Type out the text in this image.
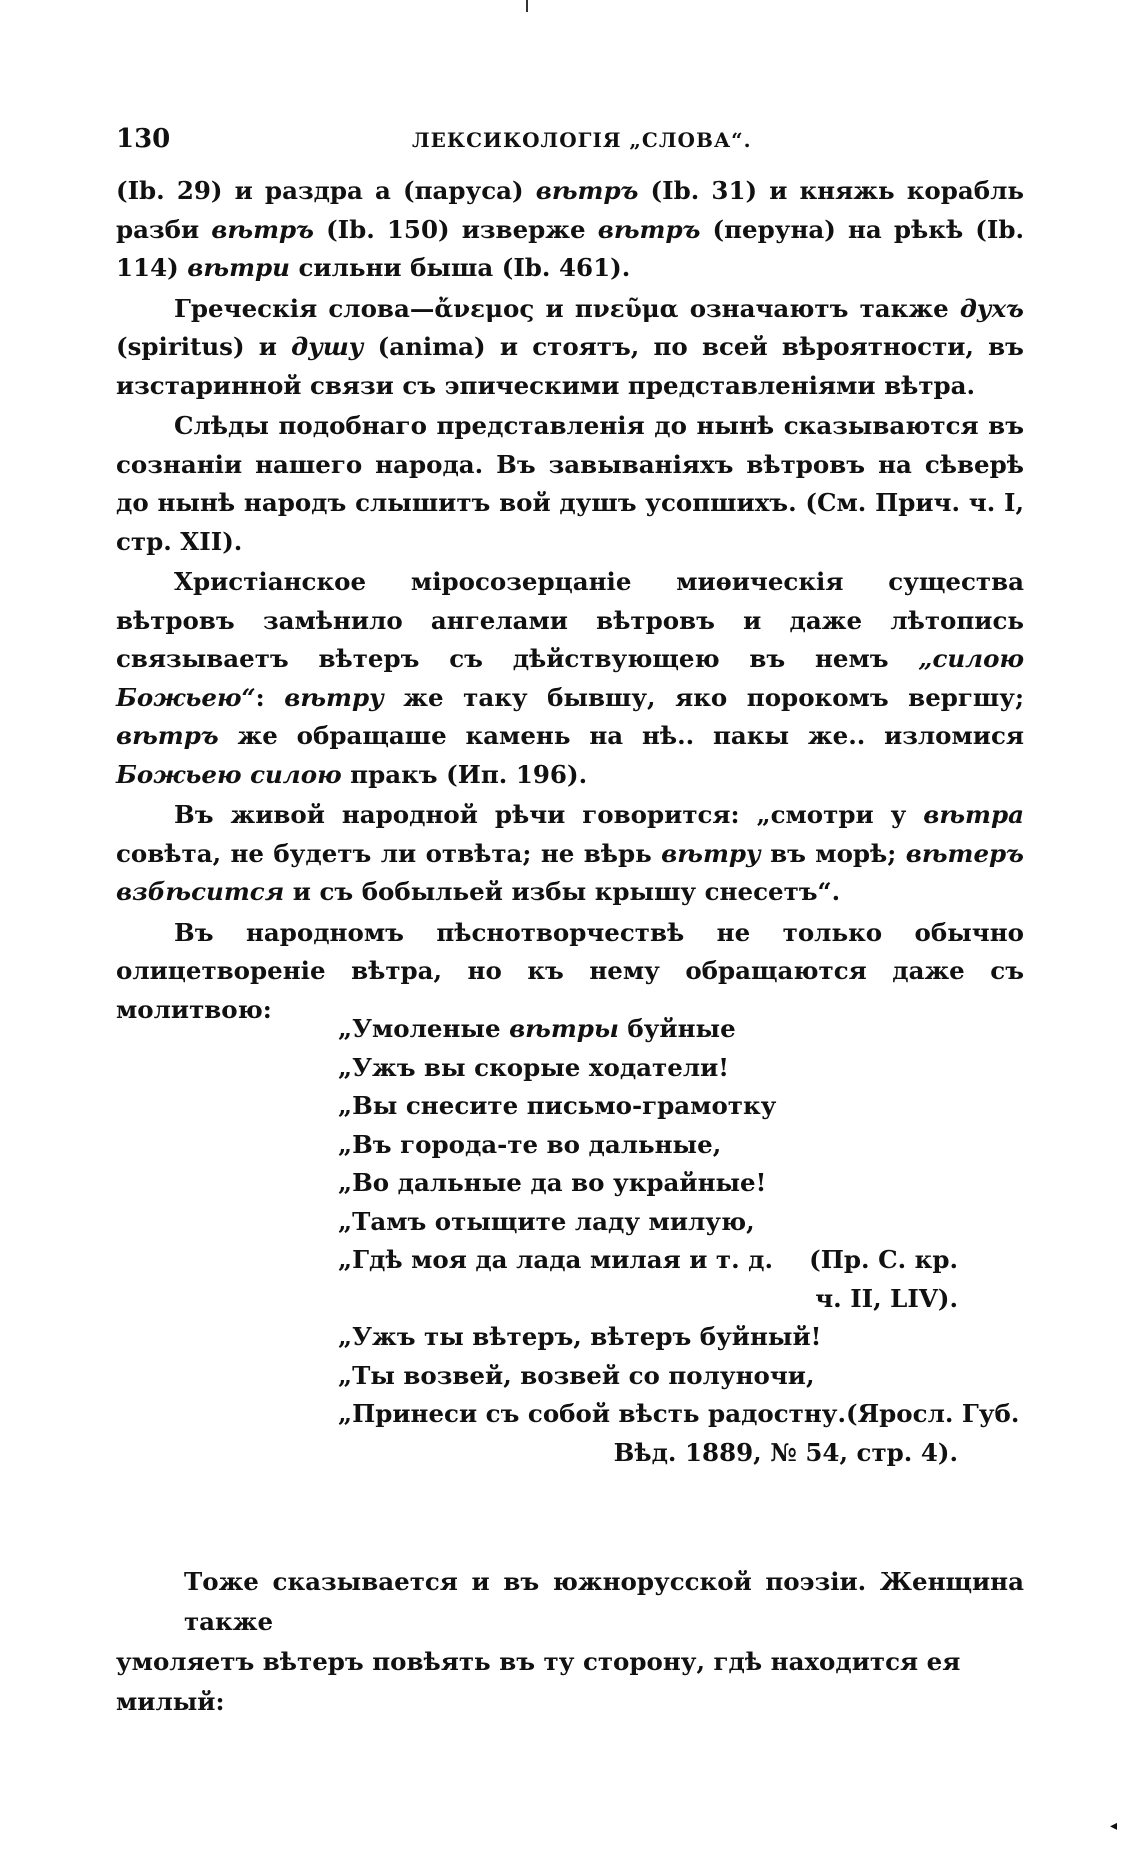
130	ЛЕКСИКОЛОГІЯ „СЛОВА“.

(Ib. 29) и раздра а (паруса) вѣтръ (Ib. 31) и княжь корабль разби вѣтръ (Ib. 150) изверже вѣтръ (перуна) на рѣкѣ (Ib. 114) вѣтри сильни быша (Ib. 461).

Греческія слова—ἄνεμος и πνεῦμα означаютъ также духъ (spiritus) и душу (anima) и стоятъ, по всей вѣроятности, въ изстаринной связи съ эпическими представленіями вѣтра.

Слѣды подобнаго представленія до нынѣ сказываются въ сознаніи нашего народа. Въ завываніяхъ вѣтровъ на сѣверѣ до нынѣ народъ слышитъ вой душъ усопшихъ. (См. Прич. ч. I, стр. XII).

Христіанское міросозерцаніе миѳическія существа вѣтровъ замѣнило ангелами вѣтровъ и даже лѣтопись связываетъ вѣтеръ съ дѣйствующею въ немъ „силою Божьею“: вѣтру же таку бывшу, яко порокомъ вергшу; вѣтръ же обращаше камень на нѣ.. пакы же.. изломися Божьею силою пракъ (Ип. 196).

Въ живой народной рѣчи говорится: „смотри у вѣтра совѣта, не будетъ ли отвѣта; не вѣрь вѣтру въ морѣ; вѣтеръ взбѣсится и съ бобыльей избы крышу снесетъ“.

Въ народномъ пѣснотворчествѣ не только обычно олицетвореніе вѣтра, но къ нему обращаются даже съ молитвою:

„Умоленые вѣтры буйные
„Ужъ вы скорые ходатели!
„Вы снесите письмо-грамотку
„Въ города-те во дальные,
„Во дальные да во украйные!
„Тамъ отыщите ладу милую,
„Гдѣ моя да лада милая и т. д. (Пр. С. кр.
ч. II, LIV).
„Ужъ ты вѣтеръ, вѣтеръ буйный!
„Ты возвей, возвей со полуночи,
„Принеси съ собой вѣсть радостну. (Яросл. Губ.
Вѣд. 1889, № 54, стр. 4).
Тоже сказывается и въ южнорусской поэзіи. Женщина также
умоляетъ вѣтеръ повѣять въ ту сторону, гдѣ находится ея милый:
◂
